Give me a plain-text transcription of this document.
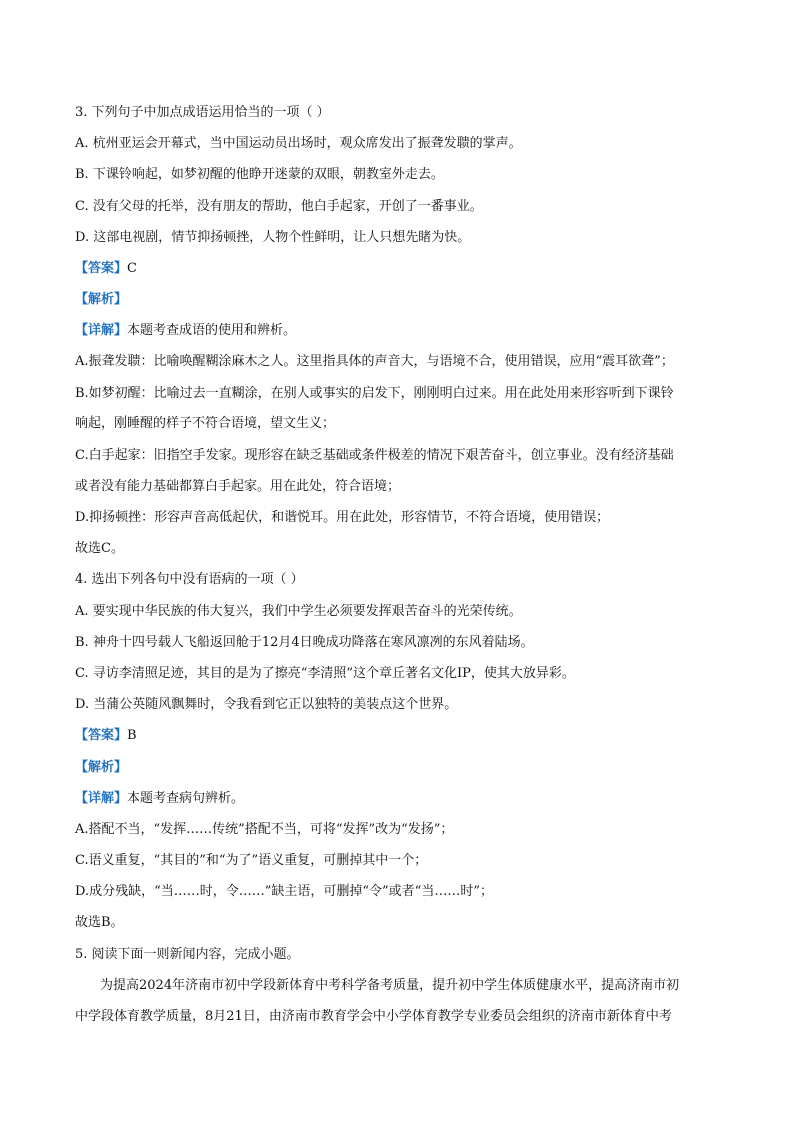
3. 下列句子中加点成语运用恰当的一项（ ）
A. 杭州亚运会开幕式，当中国运动员出场时，观众席发出了振聋发聩的掌声。
B. 下课铃响起，如梦初醒的他睁开迷蒙的双眼，朝教室外走去。
C. 没有父母的托举，没有朋友的帮助，他白手起家，开创了一番事业。
D. 这部电视剧，情节抑扬顿挫，人物个性鲜明，让人只想先睹为快。
【答案】C
【解析】
【详解】本题考查成语的使用和辨析。
A.振聋发聩：比喻唤醒糊涂麻木之人。这里指具体的声音大，与语境不合，使用错误，应用“震耳欲聋”；
B.如梦初醒：比喻过去一直糊涂，在别人或事实的启发下，刚刚明白过来。用在此处用来形容听到下课铃
响起，刚睡醒的样子不符合语境，望文生义；
C.白手起家：旧指空手发家。现形容在缺乏基础或条件极差的情况下艰苦奋斗，创立事业。没有经济基础
或者没有能力基础都算白手起家。用在此处，符合语境；
D.抑扬顿挫：形容声音高低起伏，和谐悦耳。用在此处，形容情节，不符合语境，使用错误；
故选C。
4. 选出下列各句中没有语病的一项（ ）
A. 要实现中华民族的伟大复兴，我们中学生必须要发挥艰苦奋斗的光荣传统。
B. 神舟十四号载人飞船返回舱于12月4日晚成功降落在寒风凛冽的东风着陆场。
C. 寻访李清照足迹，其目的是为了擦亮“李清照”这个章丘著名文化IP，使其大放异彩。
D. 当蒲公英随风飘舞时，令我看到它正以独特的美装点这个世界。
【答案】B
【解析】
【详解】本题考查病句辨析。
A.搭配不当，“发挥……传统”搭配不当，可将“发挥”改为“发扬”；
C.语义重复，“其目的”和“为了”语义重复，可删掉其中一个；
D.成分残缺，“当……时，令……”缺主语，可删掉“令”或者“当……时”；
故选B。
5. 阅读下面一则新闻内容，完成小题。
为提高2024年济南市初中学段新体育中考科学备考质量，提升初中学生体质健康水平，提高济南市初
中学段体育教学质量，8月21日，由济南市教育学会中小学体育教学专业委员会组织的济南市新体育中考
